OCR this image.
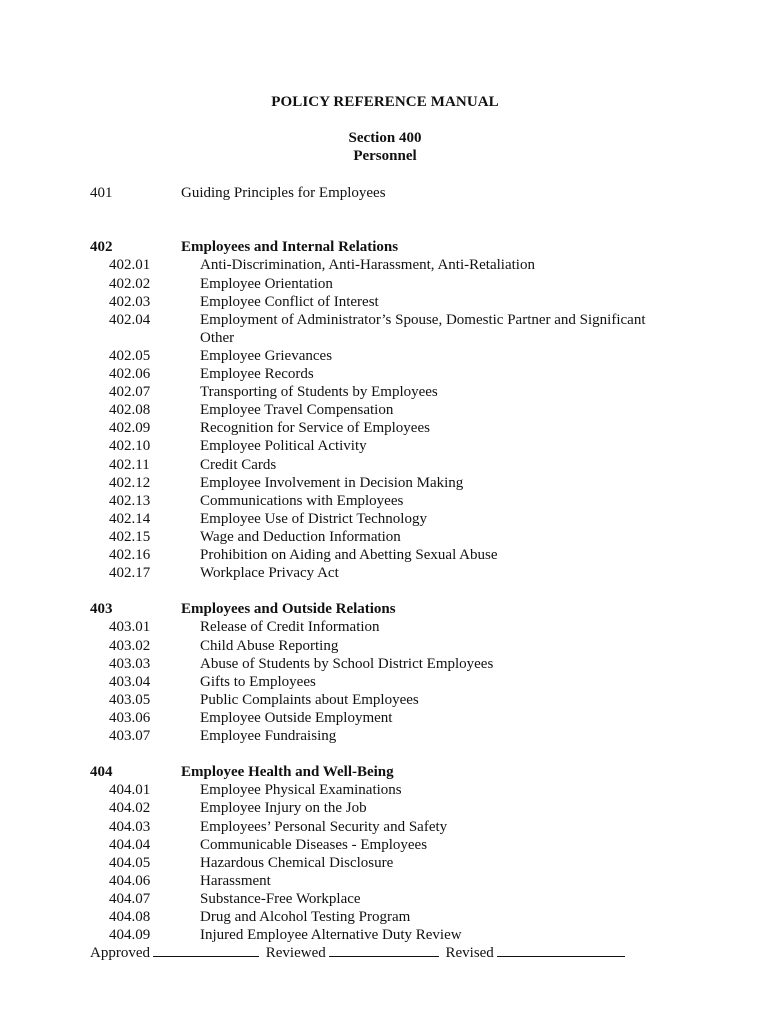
POLICY REFERENCE MANUAL
Section 400
Personnel
401	Guiding Principles for Employees
402	Employees and Internal Relations
402.01	Anti-Discrimination, Anti-Harassment, Anti-Retaliation
402.02	Employee Orientation
402.03	Employee Conflict of Interest
402.04	Employment of Administrator’s Spouse, Domestic Partner and Significant
Other
402.05	Employee Grievances
402.06	Employee Records
402.07	Transporting of Students by Employees
402.08	Employee Travel Compensation
402.09	Recognition for Service of Employees
402.10	Employee Political Activity
402.11	Credit Cards
402.12	Employee Involvement in Decision Making
402.13	Communications with Employees
402.14	Employee Use of District Technology
402.15	Wage and Deduction Information
402.16	Prohibition on Aiding and Abetting Sexual Abuse
402.17	Workplace Privacy Act
403	Employees and Outside Relations
403.01	Release of Credit Information
403.02	Child Abuse Reporting
403.03	Abuse of Students by School District Employees
403.04	Gifts to Employees
403.05	Public Complaints about Employees
403.06	Employee Outside Employment
403.07	Employee Fundraising
404	Employee Health and Well-Being
404.01	Employee Physical Examinations
404.02	Employee Injury on the Job
404.03	Employees’ Personal Security and Safety
404.04	Communicable Diseases - Employees
404.05	Hazardous Chemical Disclosure
404.06	Harassment
404.07	Substance-Free Workplace
404.08	Drug and Alcohol Testing Program
404.09	Injured Employee Alternative Duty Review
Approved	Reviewed	Revised
